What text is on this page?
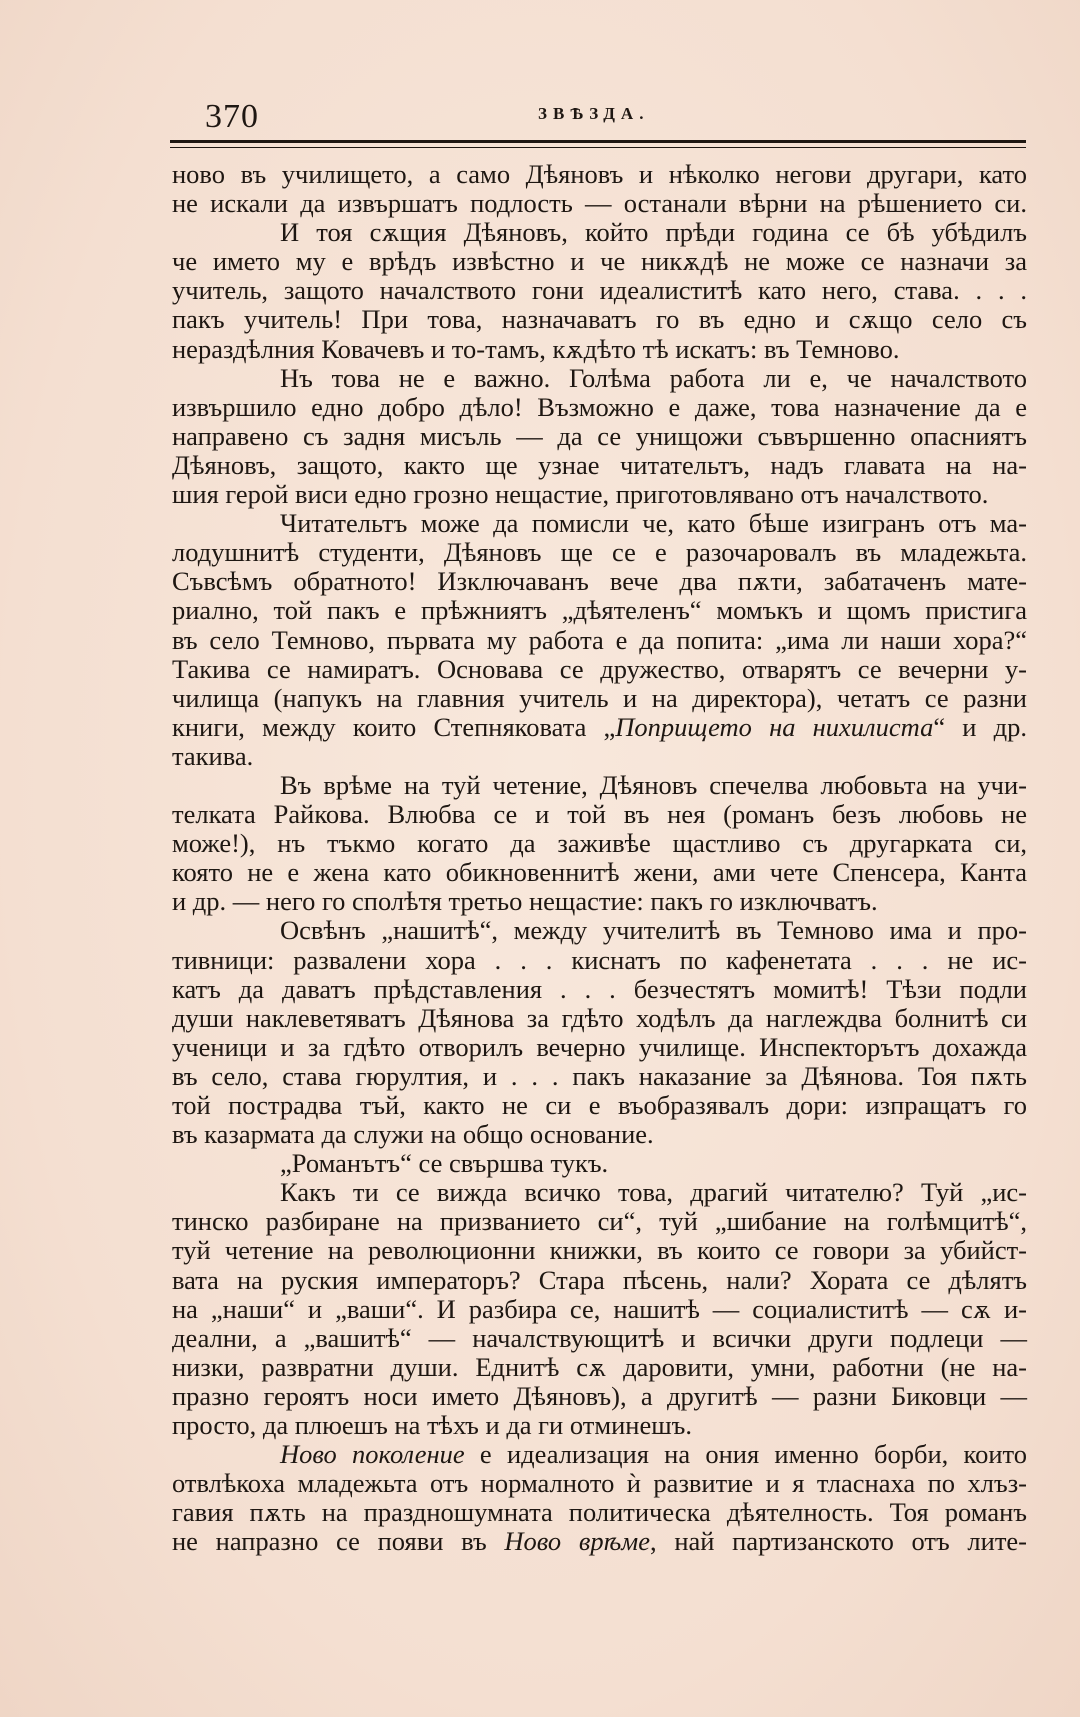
370	ЗВѢЗДА.
ново въ училището, а само Дѣяновъ и нѣколко негови другари, като
не искали да извършатъ подлость — останали вѣрни на рѣшението си.
И тоя сѫщия Дѣяновъ, който прѣди година се бѣ убѣдилъ
че името му е врѣдъ извѣстно и че никѫдѣ не може се назначи за
учитель, защото началството гони идеалиститѣ като него, става. . . .
пакъ учитель! При това, назначаватъ го въ едно и сѫщо село съ
нераздѣлния Ковачевъ и то-тамъ, кѫдѣто тѣ искатъ: въ Темново.
Нъ това не е важно. Голѣма работа ли е, че началството
извършило едно добро дѣло! Възможно е даже, това назначение да е
направено съ задня мисъль — да се унищожи съвършенно опасниятъ
Дѣяновъ, защото, както ще узнае читательтъ, надъ главата на на-
шия герой виси едно грозно нещастие, приготовлявано отъ началството.
Читательтъ може да помисли че, като бѣше изигранъ отъ ма-
лодушнитѣ студенти, Дѣяновъ ще се е разочаровалъ въ младежьта.
Съвсѣмъ обратното! Изключаванъ вече два пѫти, забатаченъ мате-
риално, той пакъ е прѣжниятъ „дѣятеленъ“ момъкъ и щомъ пристига
въ село Темново, първата му работа е да попита: „има ли наши хора?“
Такива се намиратъ. Основава се дружество, отварятъ се вечерни у-
чилища (напукъ на главния учитель и на директора), четатъ се разни
книги, между които Степняковата „Попрището на нихилиста“ и др.
такива.
Въ врѣме на туй четение, Дѣяновъ спечелва любовьта на учи-
телката Райкова. Влюбва се и той въ нея (романъ безъ любовь не
може!), нъ тъкмо когато да заживѣе щастливо съ другарката си,
която не е жена като обикновеннитѣ жени, ами чете Спенсера, Канта
и др. — него го сполѣтя третьо нещастие: пакъ го изключватъ.
Освѣнъ „нашитѣ“, между учителитѣ въ Темново има и про-
тивници: развалени хора . . . киснатъ по кафенетата . . . не ис-
катъ да даватъ прѣдставления . . . безчестятъ момитѣ! Тѣзи подли
души наклеветяватъ Дѣянова за гдѣто ходѣлъ да наглеждва болнитѣ си
ученици и за гдѣто отворилъ вечерно училище. Инспекторътъ дохажда
въ село, става гюрултия, и . . . пакъ наказание за Дѣянова. Тоя пѫть
той пострадва тъй, както не си е въобразявалъ дори: изпращатъ го
въ казармата да служи на общо основание.
„Романътъ“ се свършва тукъ.
Какъ ти се вижда всичко това, драгий читателю? Туй „ис-
тинско разбиране на призванието си“, туй „шибание на голѣмцитѣ“,
туй четение на революционни книжки, въ които се говори за убийст-
вата на руския императоръ? Стара пѣсень, нали? Хората се дѣлятъ
на „наши“ и „ваши“. И разбира се, нашитѣ — социалиститѣ — сѫ и-
деални, а „вашитѣ“ — началствующитѣ и всички други подлеци —
низки, развратни души. Еднитѣ сѫ даровити, умни, работни (не на-
празно героятъ носи името Дѣяновъ), а другитѣ — разни Биковци —
просто, да плюешъ на тѣхъ и да ги отминешъ.
Ново поколение е идеализация на ония именно борби, които
отвлѣкоха младежьта отъ нормалното ѝ развитие и я тласнаха по хлъз-
гавия пѫть на празднoшумната политическа дѣятелность. Тоя романъ
не напразно се появи въ Ново врѣме, най партизанското отъ лите-
